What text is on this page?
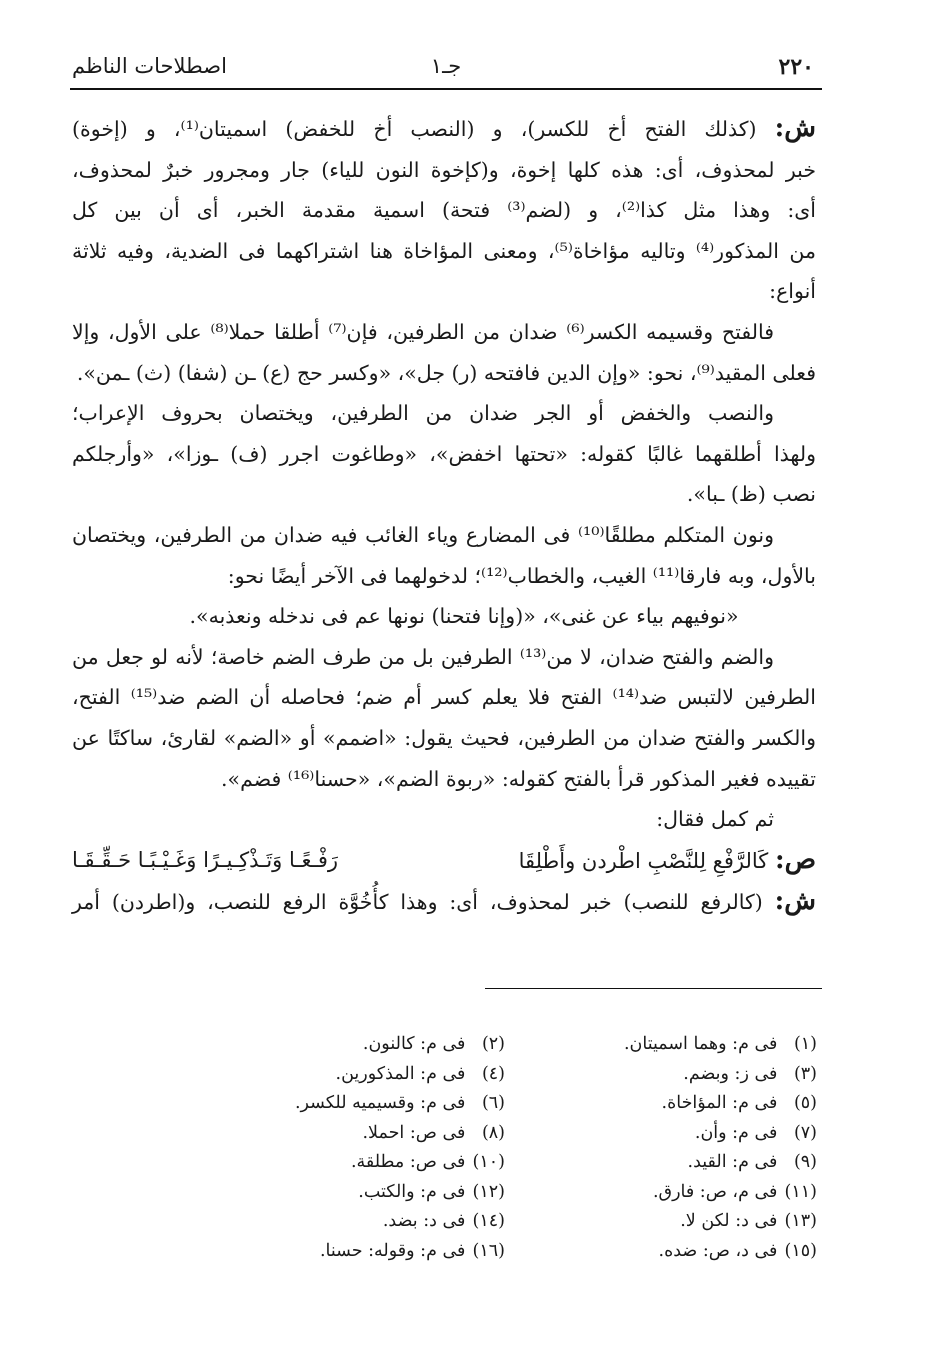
٢٢٠
جـ١
اصطلاحات الناظم

ش: (كذلك الفتح أخ للكسر)، و (النصب أخ للخفض) اسميتان⁽¹⁾، و (إخوة)

خبر لمحذوف، أى: هذه كلها إخوة، و(كإخوة النون للياء) جار ومجرور خبرٌ لمحذوف،

أى: وهذا مثل كذا⁽²⁾، و (لضم⁽³⁾ فتحة) اسمية مقدمة الخبر، أى أن بين كل

من المذكور⁽⁴⁾ وتاليه مؤاخاة⁽⁵⁾، ومعنى المؤاخاة هنا اشتراكهما فى الضدية، وفيه ثلاثة

أنواع:

فالفتح وقسيمه الكسر⁽⁶⁾ ضدان من الطرفين، فإن⁽⁷⁾ أطلقا حملا⁽⁸⁾ على الأول، وإلا

فعلى المقيد⁽⁹⁾، نحو: «وإن الدين فافتحه (ر) جل»، «وكسر حج (ع) ـن (شفا) (ث) ـمن».

والنصب والخفض أو الجر ضدان من الطرفين، ويختصان بحروف الإعراب؛

ولهذا أطلقهما غالبًا كقوله: «تحتها اخفض»، «وطاغوت اجرر (ف) ـوزا»، «وأرجلكم

نصب (ظ) ـبا».

ونون المتكلم مطلقًا⁽¹⁰⁾ فى المضارع وياء الغائب فيه ضدان من الطرفين، ويختصان

بالأول، وبه فارقا⁽¹¹⁾ الغيب، والخطاب⁽¹²⁾؛ لدخولهما فى الآخر أيضًا نحو:

«نوفيهم بياء عن غنى»، «(وإنا فتحنا) نونها عم فى ندخله ونعذبه».

والضم والفتح ضدان، لا من⁽¹³⁾ الطرفين بل من طرف الضم خاصة؛ لأنه لو جعل من

الطرفين لالتبس ضد⁽¹⁴⁾ الفتح فلا يعلم كسر أم ضم؛ فحاصله أن الضم ضد⁽¹⁵⁾ الفتح،

والكسر والفتح ضدان من الطرفين، فحيث يقول: «اضمم» أو «الضم» لقارئ، ساكتًا عن

تقييده فغير المذكور قرأ بالفتح كقوله: «ربوة الضم»، «حسنا⁽¹⁶⁾ فضم».

ثم كمل فقال:

ص: كَالرَّفْعِ لِلنَّصْبِ اطْردن وأَطْلِقَا
رَفْـعًـا وَتَـذْكِـيـرًا وَغَـيْـبًـا حَـقِّـقَـا

ش: (كالرفع للنصب) خبر لمحذوف، أى: وهذا كأُخُوَّة الرفع للنصب، و(اطردن) أمر

(١) فى م: وهما اسميتان.
(٢) فى م: كالنون.
(٣) فى ز: وبضم.
(٤) فى م: المذكورين.
(٥) فى م: المؤاخاة.
(٦) فى م: وقسيميه للكسر.
(٧) فى م: وأن.
(٨) فى ص: احملا.
(٩) فى م: القيد.
(١٠) فى ص: مطلقة.
(١١) فى م، ص: فارق.
(١٢) فى م: والكتب.
(١٣) فى د: لكن لا.
(١٤) فى د: بضد.
(١٥) فى د، ص: ضده.
(١٦) فى م: وقوله: حسنا.
